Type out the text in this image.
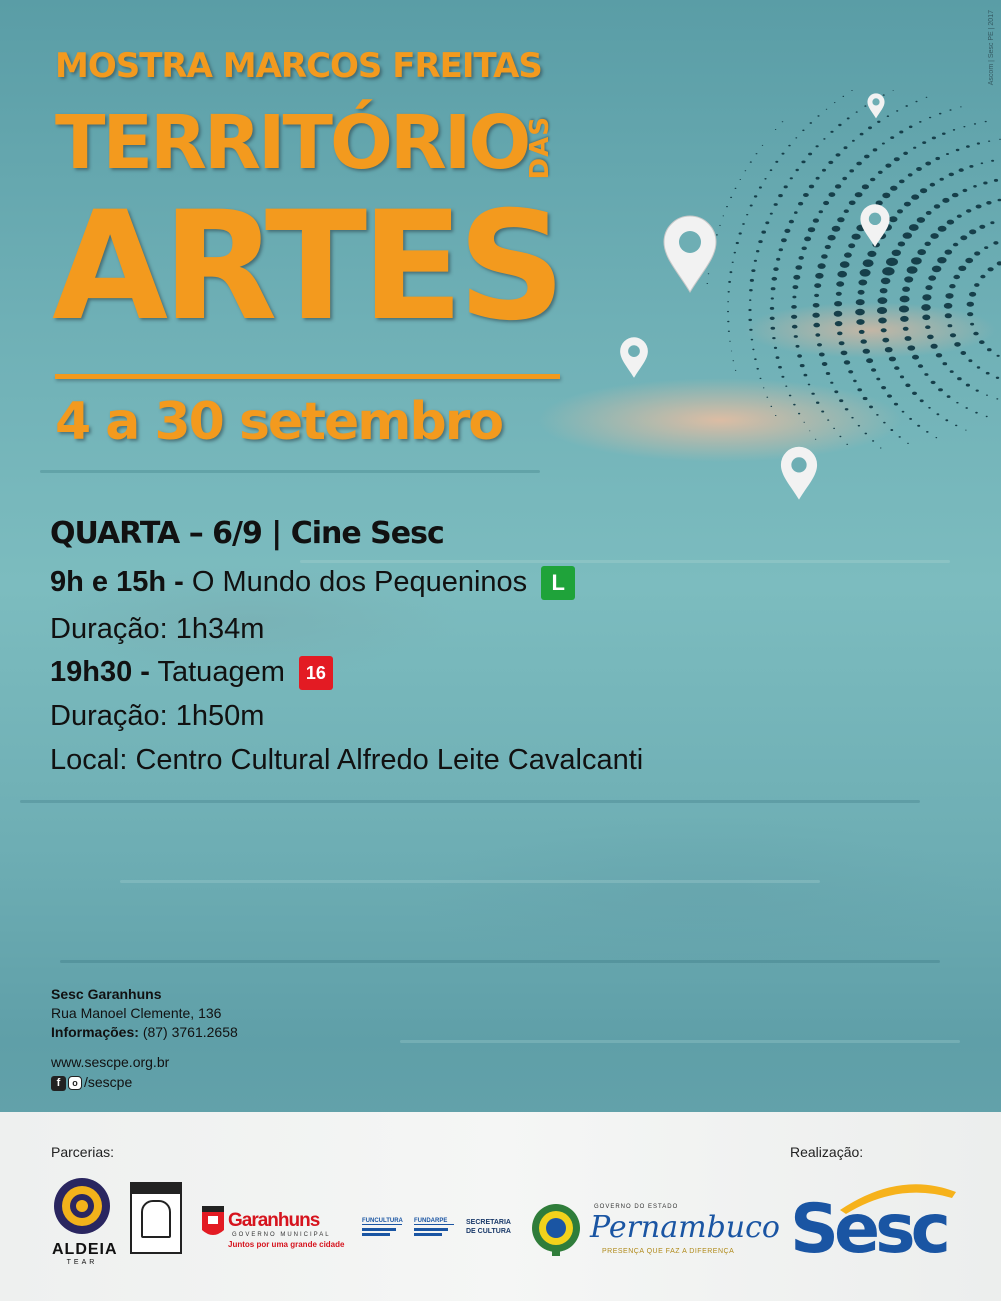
Ascom | Sesc PE | 2017
MOSTRA MARCOS FREITAS
TERRITÓRIO
DAS
ARTES
4 a 30 setembro
QUARTA – 6/9 | Cine Sesc
9h e 15h - O Mundo dos Pequeninos L
Duração: 1h34m
19h30 - Tatuagem 16
Duração: 1h50m
Local: Centro Cultural Alfredo Leite Cavalcanti
Sesc Garanhuns
Rua Manoel Clemente, 136
Informações: (87) 3761.2658
www.sescpe.org.br
f o /sescpe
Parcerias:	Realização:
ALDEIA
TEAR
Garanhuns
GOVERNO MUNICIPAL
Juntos por uma grande cidade
FUNCULTURA FUNDARPE	SECRETARIA DE CULTURA
GOVERNO DO ESTADO
Pernambuco
PRESENÇA QUE FAZ A DIFERENÇA Sesc
